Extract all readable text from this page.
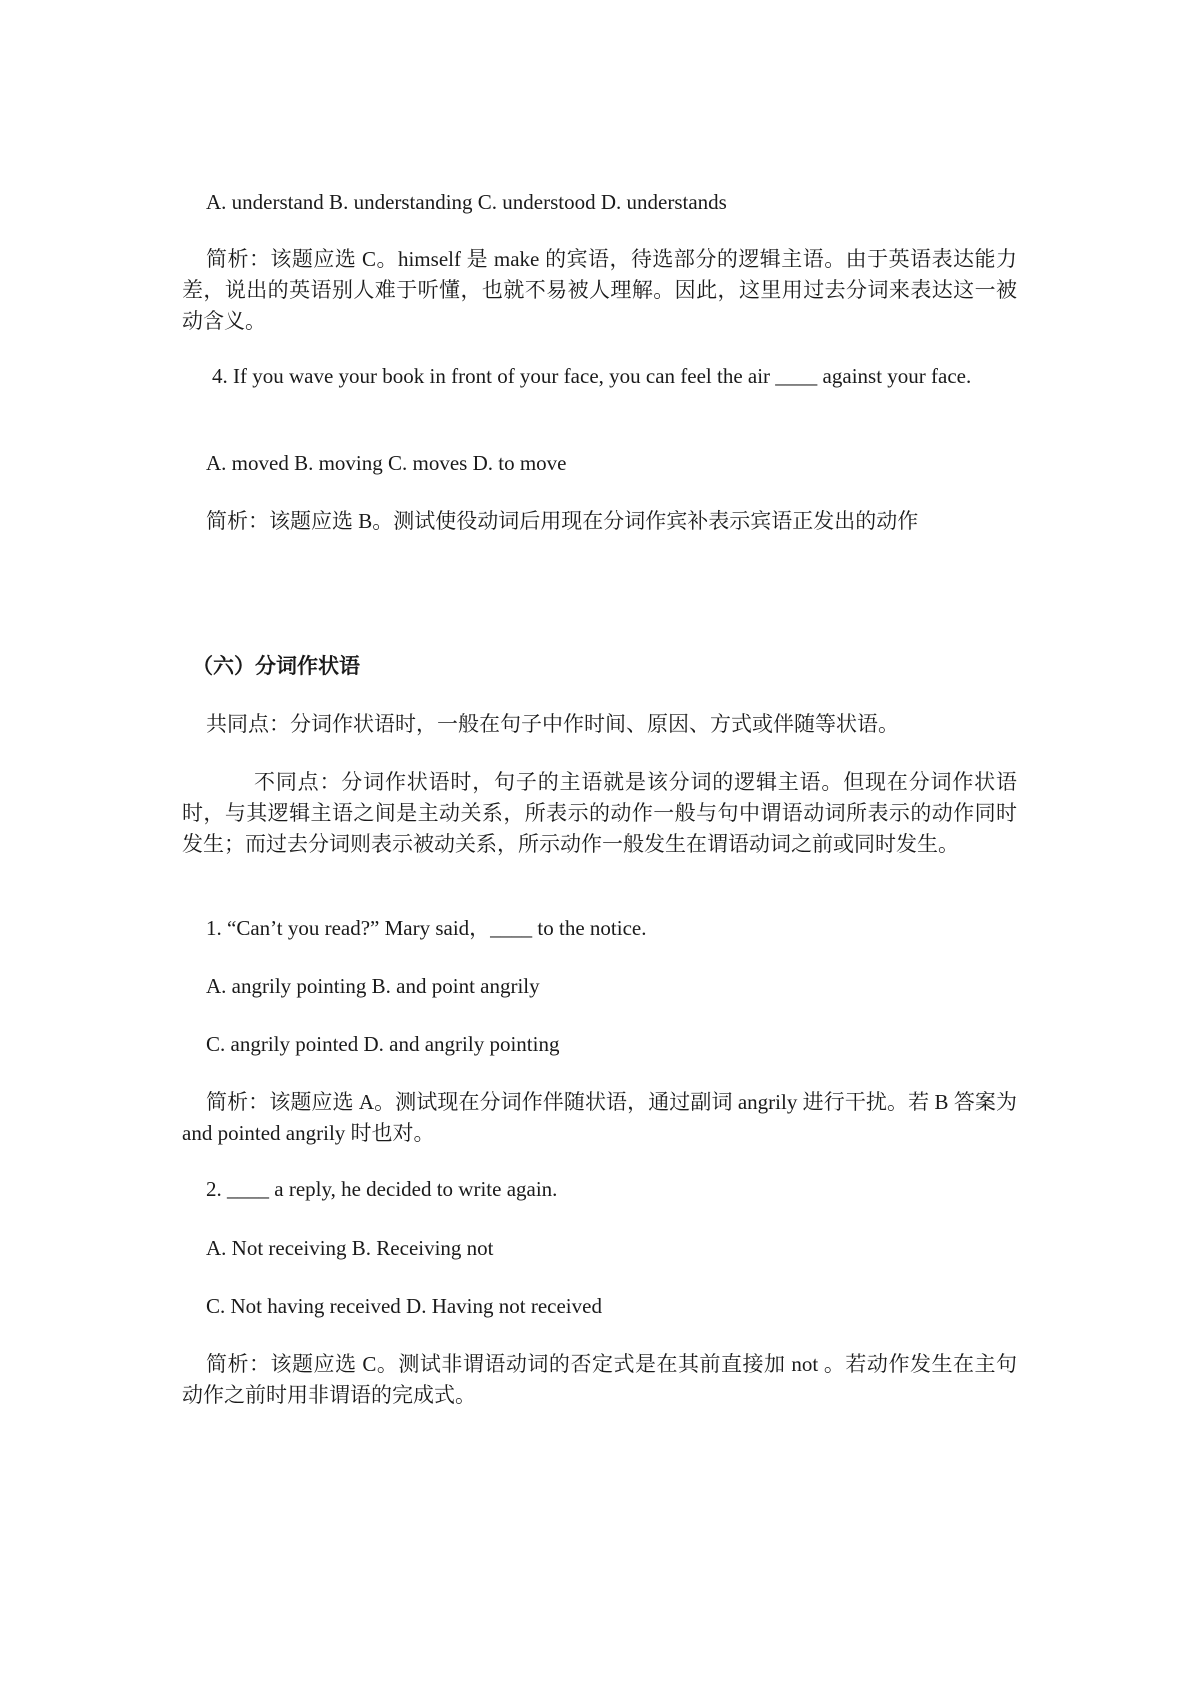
A. understand B. understanding C. understood D. understands
简析：该题应选 C。himself 是 make 的宾语，待选部分的逻辑主语。由于英语表达能力差，说出的英语别人难于听懂，也就不易被人理解。因此，这里用过去分词来表达这一被动含义。
4. If you wave your book in front of your face, you can feel the air ____ against your face.
A. moved B. moving C. moves D. to move
简析：该题应选 B。测试使役动词后用现在分词作宾补表示宾语正发出的动作
（六）分词作状语
共同点：分词作状语时，一般在句子中作时间、原因、方式或伴随等状语。
不同点：分词作状语时，句子的主语就是该分词的逻辑主语。但现在分词作状语时，与其逻辑主语之间是主动关系，所表示的动作一般与句中谓语动词所表示的动作同时发生；而过去分词则表示被动关系，所示动作一般发生在谓语动词之前或同时发生。
1. “Can’t you read?” Mary said，____ to the notice.
A. angrily pointing B. and point angrily
C. angrily pointed D. and angrily pointing
简析：该题应选 A。测试现在分词作伴随状语，通过副词 angrily 进行干扰。若 B 答案为 and pointed angrily 时也对。
2. ____ a reply, he decided to write again.
A. Not receiving B. Receiving not
C. Not having received D. Having not received
简析：该题应选 C。测试非谓语动词的否定式是在其前直接加 not 。若动作发生在主句动作之前时用非谓语的完成式。
